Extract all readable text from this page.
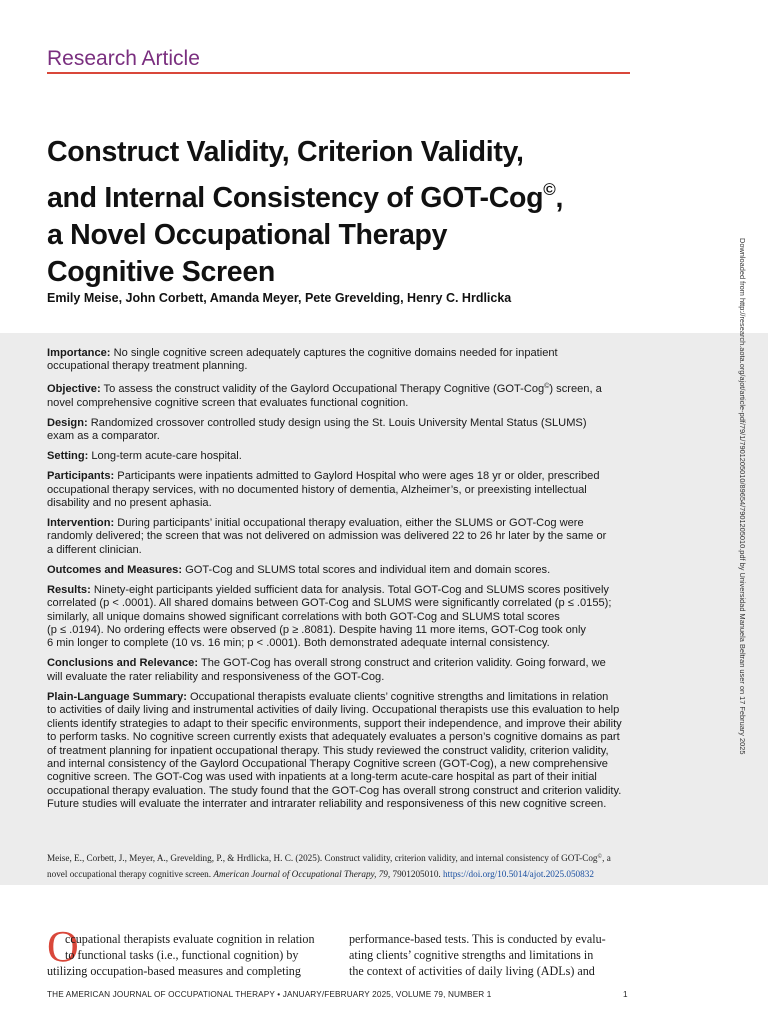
Research Article
Construct Validity, Criterion Validity,
and Internal Consistency of GOT-Cog©,
a Novel Occupational Therapy
Cognitive Screen
Emily Meise, John Corbett, Amanda Meyer, Pete Grevelding, Henry C. Hrdlicka

Importance: No single cognitive screen adequately captures the cognitive domains needed for inpatient
occupational therapy treatment planning.

Objective: To assess the construct validity of the Gaylord Occupational Therapy Cognitive (GOT-Cog©) screen, a
novel comprehensive cognitive screen that evaluates functional cognition.

Design: Randomized crossover controlled study design using the St. Louis University Mental Status (SLUMS)
exam as a comparator.

Setting: Long-term acute-care hospital.

Participants: Participants were inpatients admitted to Gaylord Hospital who were ages 18 yr or older, prescribed
occupational therapy services, with no documented history of dementia, Alzheimer’s, or preexisting intellectual
disability and no present aphasia.

Intervention: During participants’ initial occupational therapy evaluation, either the SLUMS or GOT-Cog were
randomly delivered; the screen that was not delivered on admission was delivered 22 to 26 hr later by the same or
a different clinician.

Outcomes and Measures: GOT-Cog and SLUMS total scores and individual item and domain scores.

Results: Ninety-eight participants yielded sufficient data for analysis. Total GOT-Cog and SLUMS scores positively
correlated (p < .0001). All shared domains between GOT-Cog and SLUMS were significantly correlated (p ≤ .0155);
similarly, all unique domains showed significant correlations with both GOT-Cog and SLUMS total scores
(p ≤ .0194). No ordering effects were observed (p ≥ .8081). Despite having 11 more items, GOT-Cog took only
6 min longer to complete (10 vs. 16 min; p < .0001). Both demonstrated adequate internal consistency.

Conclusions and Relevance: The GOT-Cog has overall strong construct and criterion validity. Going forward, we
will evaluate the rater reliability and responsiveness of the GOT-Cog.

Plain-Language Summary: Occupational therapists evaluate clients’ cognitive strengths and limitations in relation
to activities of daily living and instrumental activities of daily living. Occupational therapists use this evaluation to help
clients identify strategies to adapt to their specific environments, support their independence, and improve their ability
to perform tasks. No cognitive screen currently exists that adequately evaluates a person’s cognitive domains as part
of treatment planning for inpatient occupational therapy. This study reviewed the construct validity, criterion validity,
and internal consistency of the Gaylord Occupational Therapy Cognitive screen (GOT-Cog), a new comprehensive
cognitive screen. The GOT-Cog was used with inpatients at a long-term acute-care hospital as part of their initial
occupational therapy evaluation. The study found that the GOT-Cog has overall strong construct and criterion validity.
Future studies will evaluate the interrater and intrarater reliability and responsiveness of this new cognitive screen.

Meise, E., Corbett, J., Meyer, A., Grevelding, P., & Hrdlicka, H. C. (2025). Construct validity, criterion validity, and internal consistency of GOT-Cog©, a
novel occupational therapy cognitive screen. American Journal of Occupational Therapy, 79, 7901205010. https://doi.org/10.5014/ajot.2025.050832
O
ccupational therapists evaluate cognition in relation
to functional tasks (i.e., functional cognition) by
utilizing occupation-based measures and completing
performance-based tests. This is conducted by evalu-
ating clients’ cognitive strengths and limitations in
the context of activities of daily living (ADLs) and
THE AMERICAN JOURNAL OF OCCUPATIONAL THERAPY • JANUARY/FEBRUARY 2025, VOLUME 79, NUMBER 1	1
Downloaded from http://research.aota.org/ajot/article-pdf/79/1/7901205010/89654/7901205010.pdf by Universidad Manuela Beltran user on 17 February 2025
